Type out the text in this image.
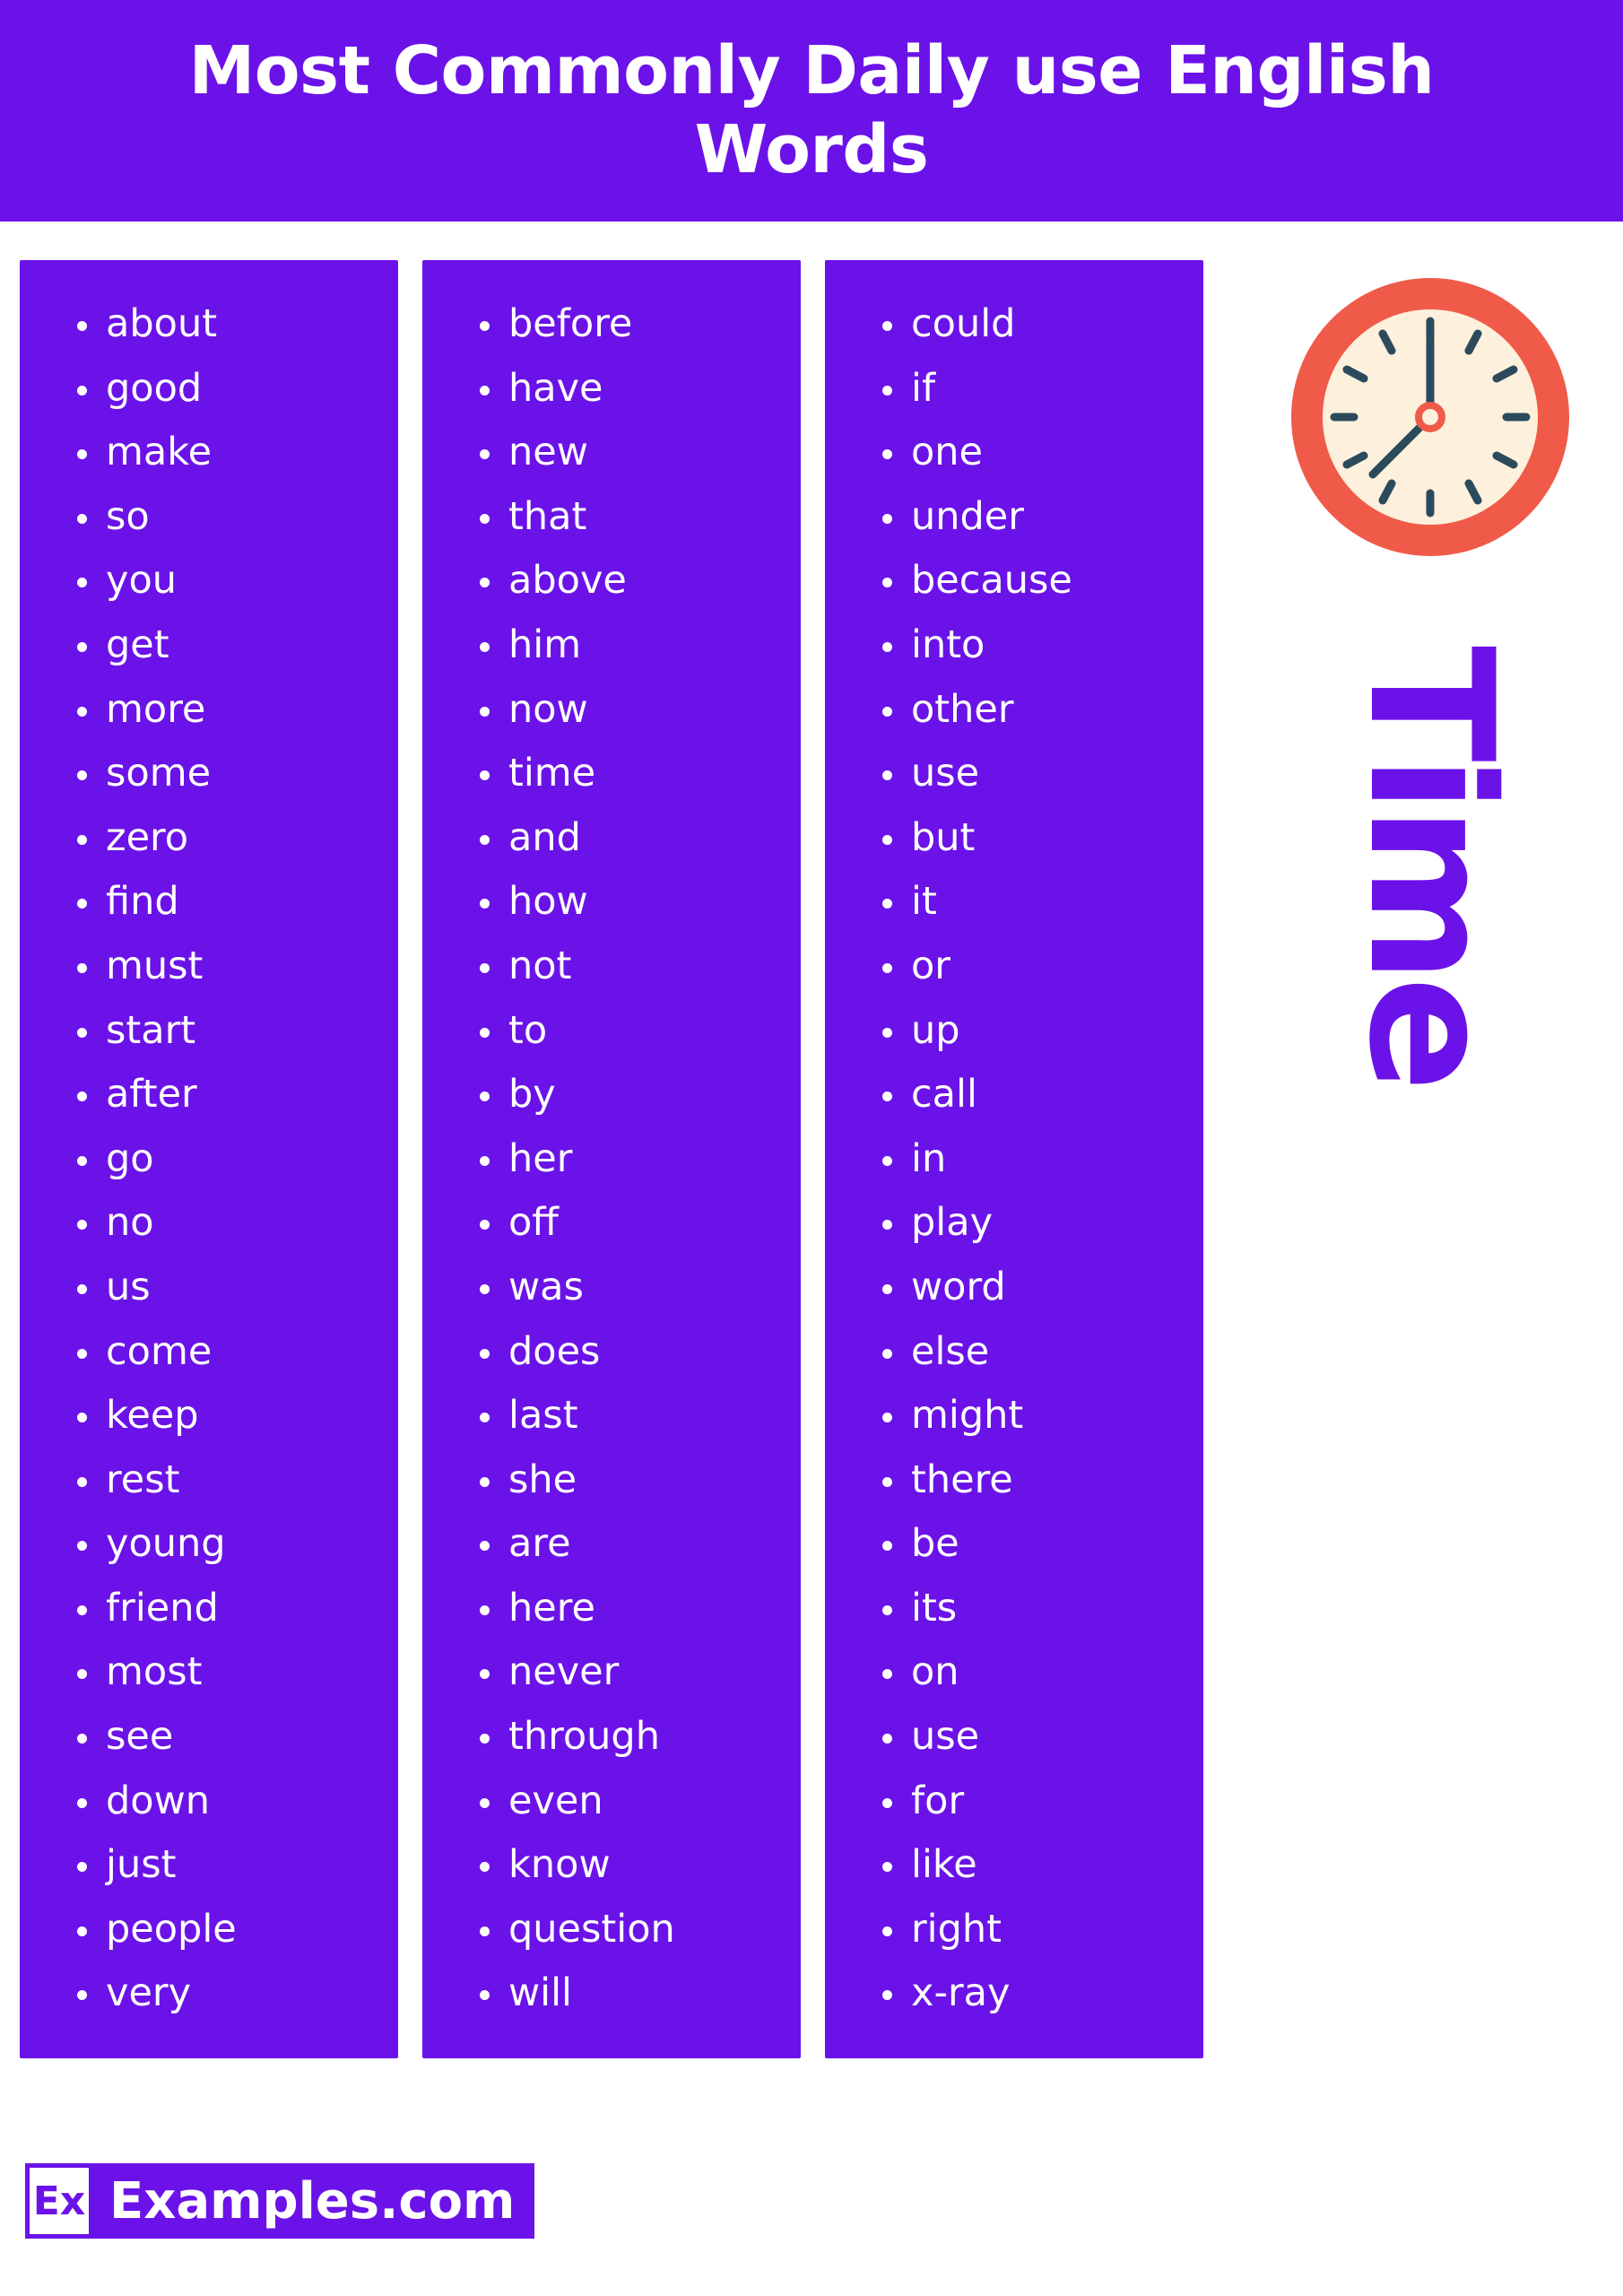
Most Commonly Daily use English Words
about
good
make
so
you
get
more
some
zero
find
must
start
after
go
no
us
come
keep
rest
young
friend
most
see
down
just
people
very
before
have
new
that
above
him
now
time
and
how
not
to
by
her
off
was
does
last
she
are
here
never
through
even
know
question
will
could
if
one
under
because
into
other
use
but
it
or
up
call
in
play
word
else
might
there
be
its
on
use
for
like
right
x-ray
Time
Ex Examples.com
